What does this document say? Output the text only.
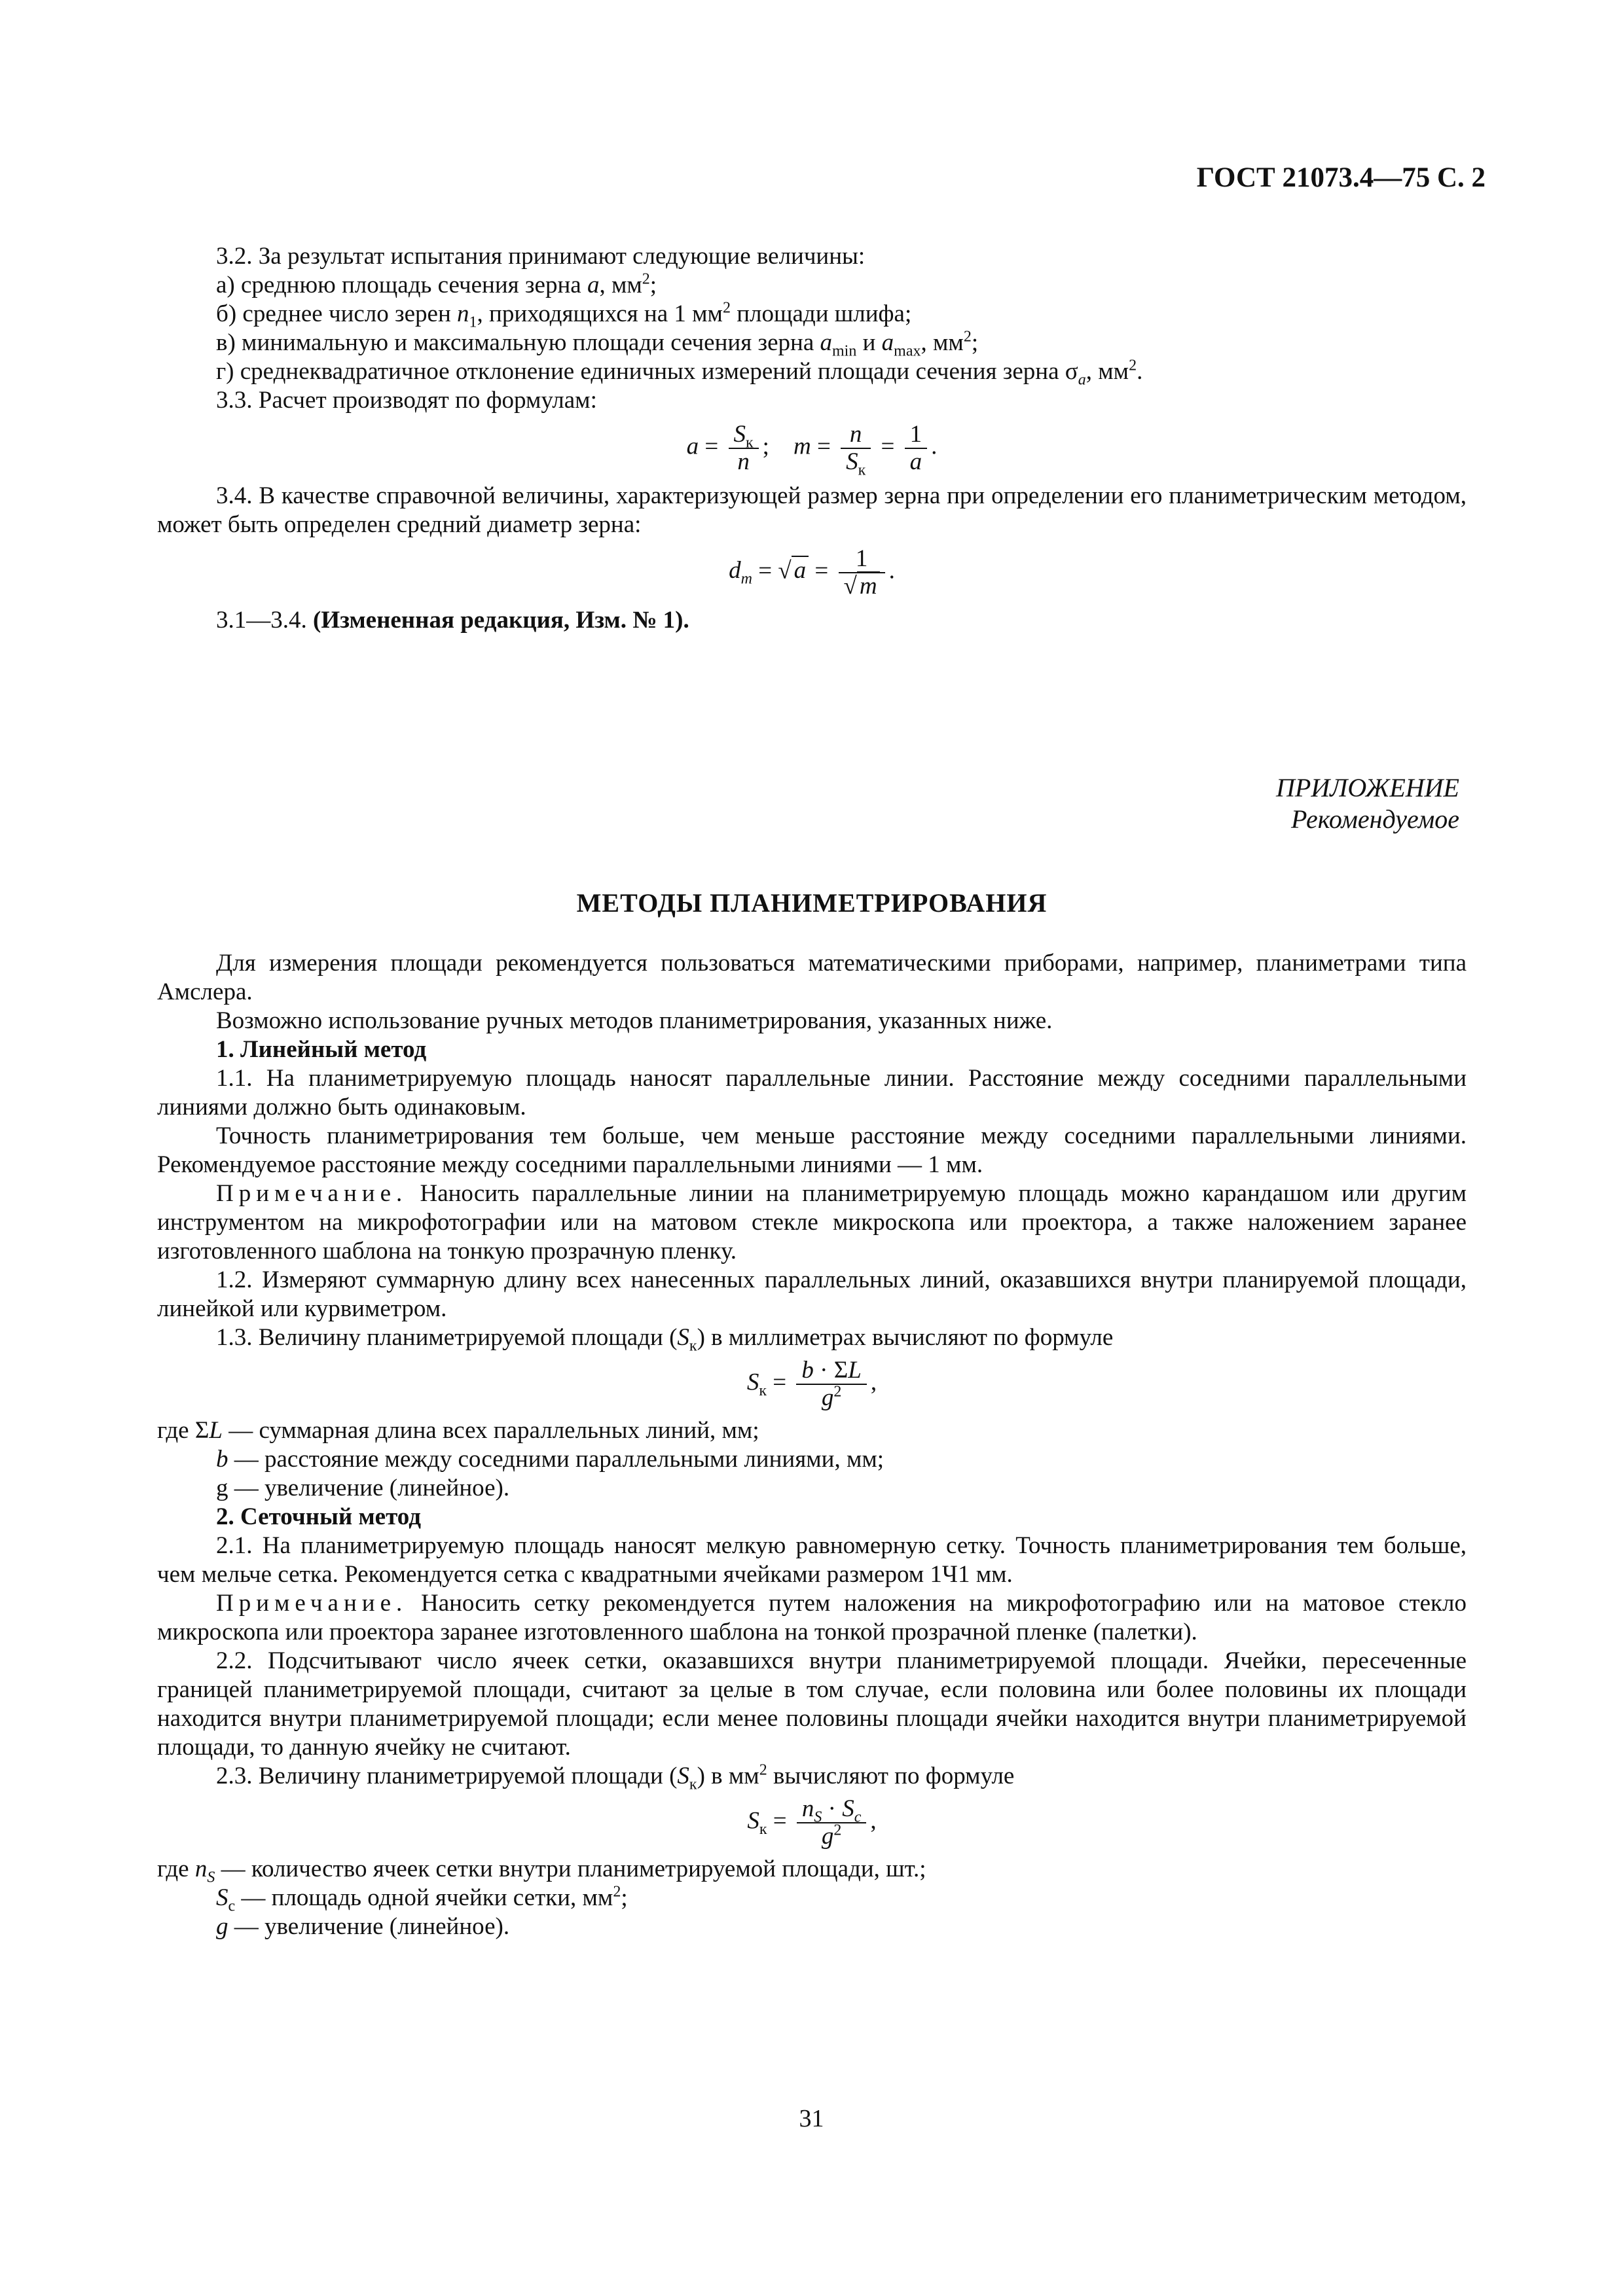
ГОСТ 21073.4—75 С. 2

3.2. За результат испытания принимают следующие величины:

а) среднюю площадь сечения зерна a, $мм^2$;

б) среднее число зерен $n_1$, приходящихся на 1 $мм^2$ площади шлифа;

в) минимальную и максимальную площади сечения зерна $a_{min}$ и $a_{max}$, $мм^2$;

г) среднеквадратичное отклонение единичных измерений площади сечения зерна $\sigma_a$, $мм^2$.

3.3. Расчет производят по формулам:

$a = \frac{S_к}{n}$ ;    $m = \frac{n}{S_к} = \frac{1}{a}$ .

3.4. В качестве справочной величины, характеризующей размер зерна при определении его планиметрическим методом, может быть определен средний диаметр зерна:

$d_m$ = √ $a = \frac{1}{√ m}$ .

3.1—3.4. (Измененная редакция, Изм. № 1).

ПРИЛОЖЕНИЕ
Рекомендуемое
МЕТОДЫ ПЛАНИМЕТРИРОВАНИЯ

Для измерения площади рекомендуется пользоваться математическими приборами, например, планиметрами типа Амслера.

Возможно использование ручных методов планиметрирования, указанных ниже.

1. Линейный метод

1.1. На планиметрируемую площадь наносят параллельные линии. Расстояние между соседними параллельными линиями должно быть одинаковым.

Точность планиметрирования тем больше, чем меньше расстояние между соседними параллельными линиями. Рекомендуемое расстояние между соседними параллельными линиями — 1 мм.

Примечание. Наносить параллельные линии на планиметрируемую площадь можно карандашом или другим инструментом на микрофотографии или на матовом стекле микроскопа или проектора, а также наложением заранее изготовленного шаблона на тонкую прозрачную пленку.

1.2. Измеряют суммарную длину всех нанесенных параллельных линий, оказавшихся внутри планируемой площади, линейкой или курвиметром.

1.3. Величину планиметрируемой площади $(S_к)$ в миллиметрах вычисляют по формуле

$S_к = \frac{b \cdot \Sigma L}{g^2}$ ,

где ΣL — суммарная длина всех параллельных линий, мм;

b — расстояние между соседними параллельными линиями, мм;

g — увеличение (линейное).

2. Сеточный метод

2.1. На планиметрируемую площадь наносят мелкую равномерную сетку. Точность планиметрирования тем больше, чем мельче сетка. Рекомендуется сетка с квадратными ячейками размером 1Ч1 мм.

Примечание. Наносить сетку рекомендуется путем наложения на микрофотографию или на матовое стекло микроскопа или проектора заранее изготовленного шаблона на тонкой прозрачной пленке (палетки).

2.2. Подсчитывают число ячеек сетки, оказавшихся внутри планиметрируемой площади. Ячейки, пересеченные границей планиметрируемой площади, считают за целые в том случае, если половина или более половины их площади находится внутри планиметрируемой площади; если менее половины площади ячейки находится внутри планиметрируемой площади, то данную ячейку не считают.

2.3. Величину планиметрируемой площади $(S_к)$ в $мм^2$ вычисляют по формуле

$S_к = \frac{n_S \cdot S_c}{g^2}$ ,

где $n_S$ — количество ячеек сетки внутри планиметрируемой площади, шт.;

$S_c$ — площадь одной ячейки сетки, $мм^2$;

g — увеличение (линейное).

31
